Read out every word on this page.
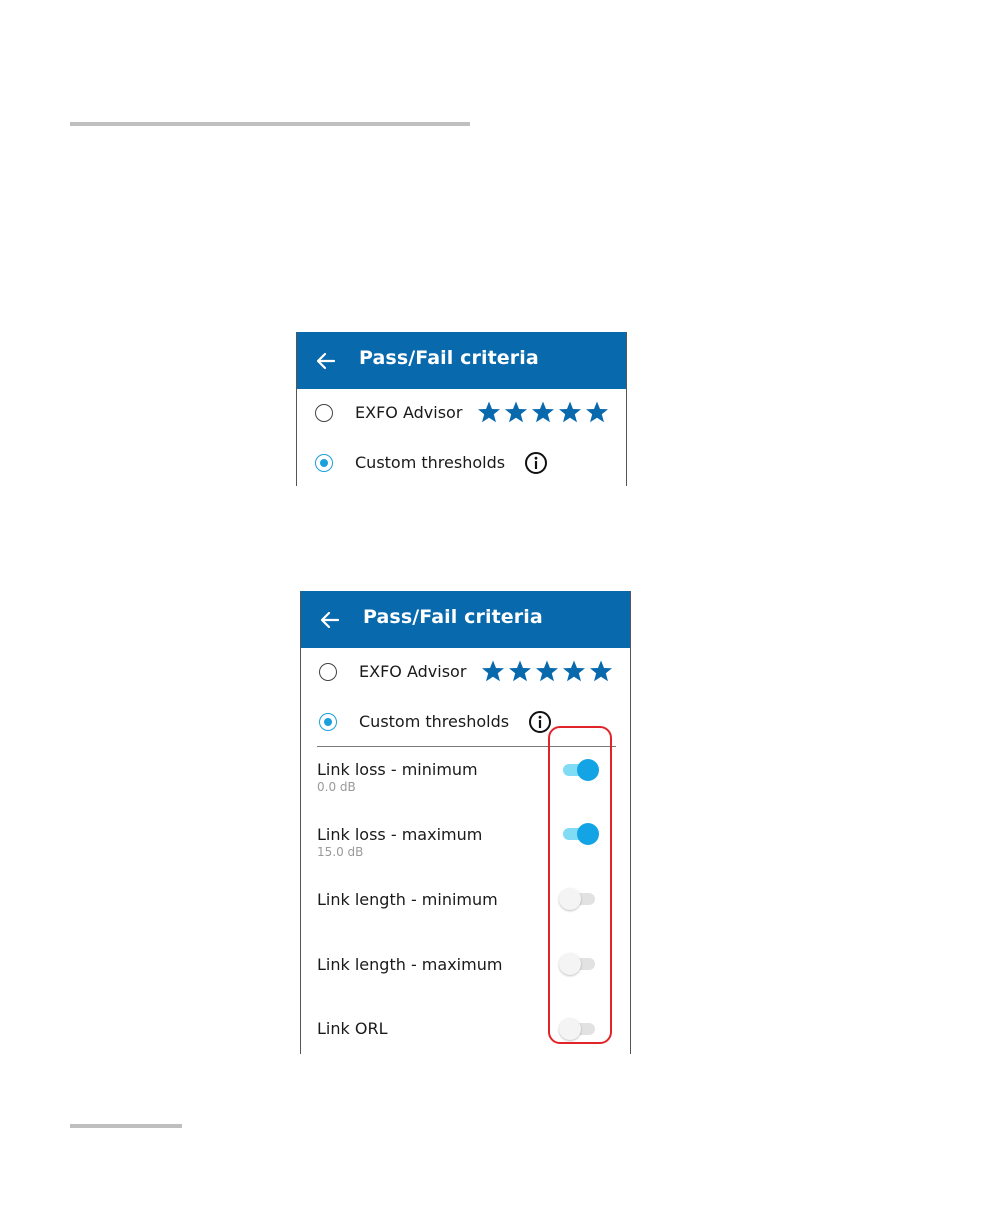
Pass/Fail criteria
EXFO Advisor
Custom thresholds
Pass/Fail criteria
EXFO Advisor
Custom thresholds
Link loss - minimum
0.0 dB
Link loss - maximum
15.0 dB
Link length - minimum
Link length - maximum
Link ORL
